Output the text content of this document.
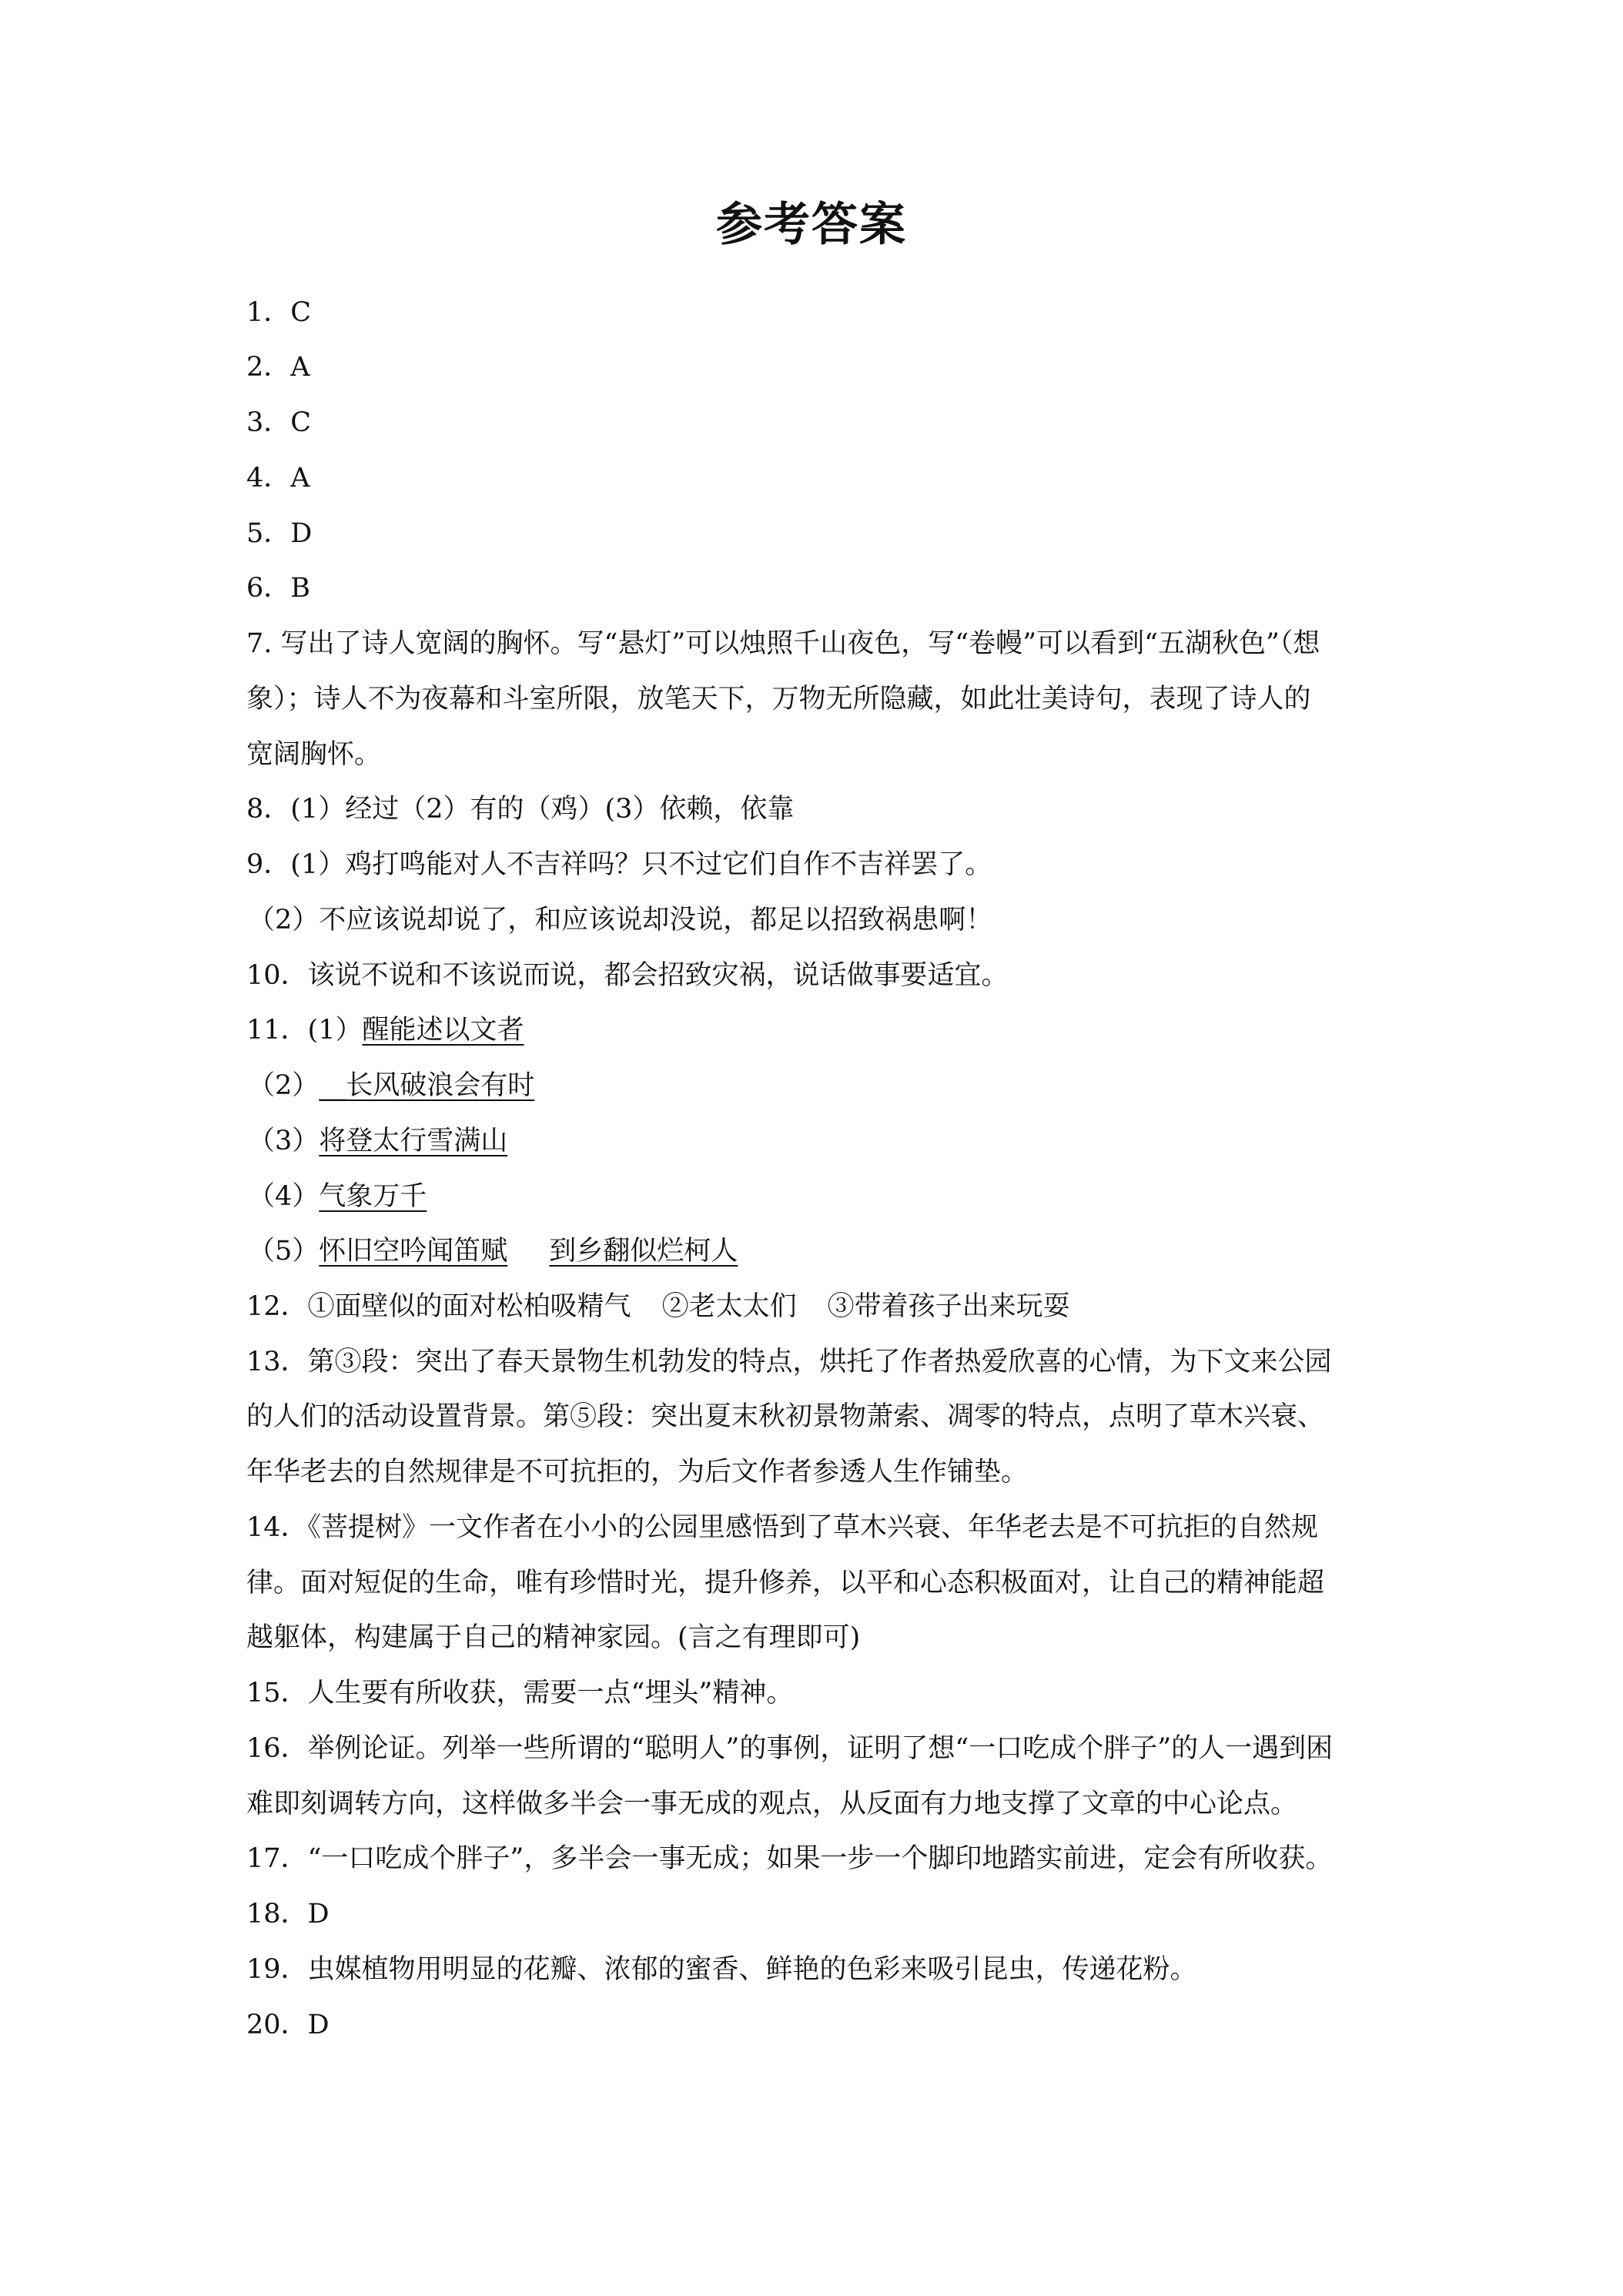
参考答案
1．C
2．A
3．C
4．A
5．D
6．B
7. 写出了诗人宽阔的胸怀。写“悬灯”可以烛照千山夜色，写“卷幔”可以看到“五湖秋色”（想
象）；诗人不为夜幕和斗室所限，放笔天下，万物无所隐藏，如此壮美诗句，表现了诗人的
宽阔胸怀。
8．(1）经过（2）有的（鸡）(3）依赖，依靠
9．(1）鸡打鸣能对人不吉祥吗？只不过它们自作不吉祥罢了。
（2）不应该说却说了，和应该说却没说，都足以招致祸患啊！
10．该说不说和不该说而说，都会招致灾祸，说话做事要适宜。
11．(1）醒能述以文者
（2）__长风破浪会有时
（3）将登太行雪满山
（4）气象万千
（5）怀旧空吟闻笛赋 到乡翻似烂柯人
12．①面壁似的面对松柏吸精气 ②老太太们 ③带着孩子出来玩耍
13．第③段：突出了春天景物生机勃发的特点，烘托了作者热爱欣喜的心情，为下文来公园
的人们的活动设置背景。第⑤段：突出夏末秋初景物萧索、凋零的特点，点明了草木兴衰、
年华老去的自然规律是不可抗拒的，为后文作者参透人生作铺垫。
14．《菩提树》一文作者在小小的公园里感悟到了草木兴衰、年华老去是不可抗拒的自然规
律。面对短促的生命，唯有珍惜时光，提升修养，以平和心态积极面对，让自己的精神能超
越躯体，构建属于自己的精神家园。(言之有理即可)
15．人生要有所收获，需要一点“埋头”精神。
16．举例论证。列举一些所谓的“聪明人”的事例，证明了想“一口吃成个胖子”的人一遇到困
难即刻调转方向，这样做多半会一事无成的观点，从反面有力地支撑了文章的中心论点。
17．“一口吃成个胖子”，多半会一事无成；如果一步一个脚印地踏实前进，定会有所收获。
18．D
19．虫媒植物用明显的花瓣、浓郁的蜜香、鲜艳的色彩来吸引昆虫，传递花粉。
20．D
